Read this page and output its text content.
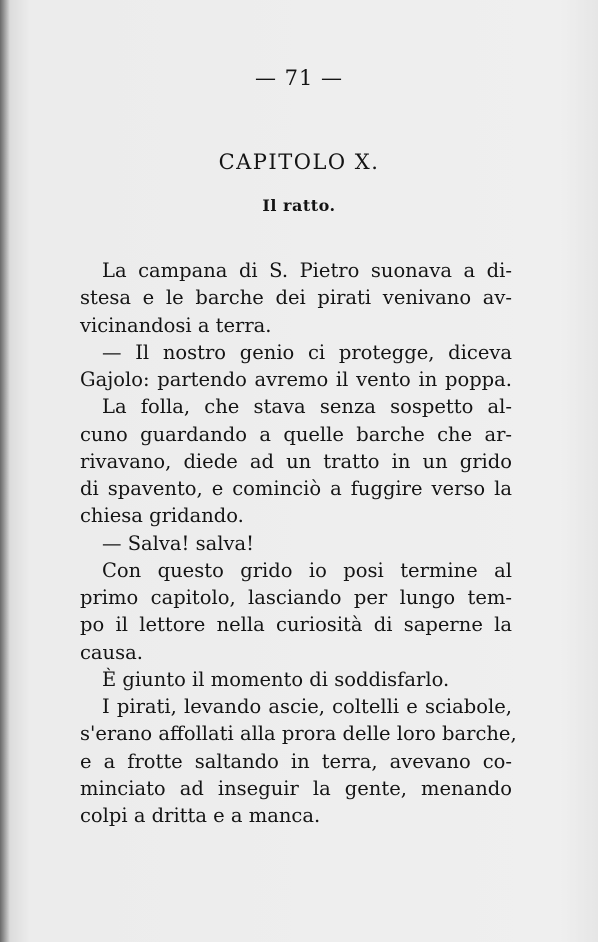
— 71 —
CAPITOLO X.
Il ratto.
La campana di S. Pietro suonava a di-
stesa e le barche dei pirati venivano av-
vicinandosi a terra.
— Il nostro genio ci protegge, diceva
Gajolo: partendo avremo il vento in poppa.
La folla, che stava senza sospetto al-
cuno guardando a quelle barche che ar-
rivavano, diede ad un tratto in un grido
di spavento, e cominciò a fuggire verso la
chiesa gridando.
— Salva! salva!
Con questo grido io posi termine al
primo capitolo, lasciando per lungo tem-
po il lettore nella curiosità di saperne la
causa.
È giunto il momento di soddisfarlo.
I pirati, levando ascie, coltelli e sciabole,
s'erano affollati alla prora delle loro barche,
e a frotte saltando in terra, avevano co-
minciato ad inseguir la gente, menando
colpi a dritta e a manca.
